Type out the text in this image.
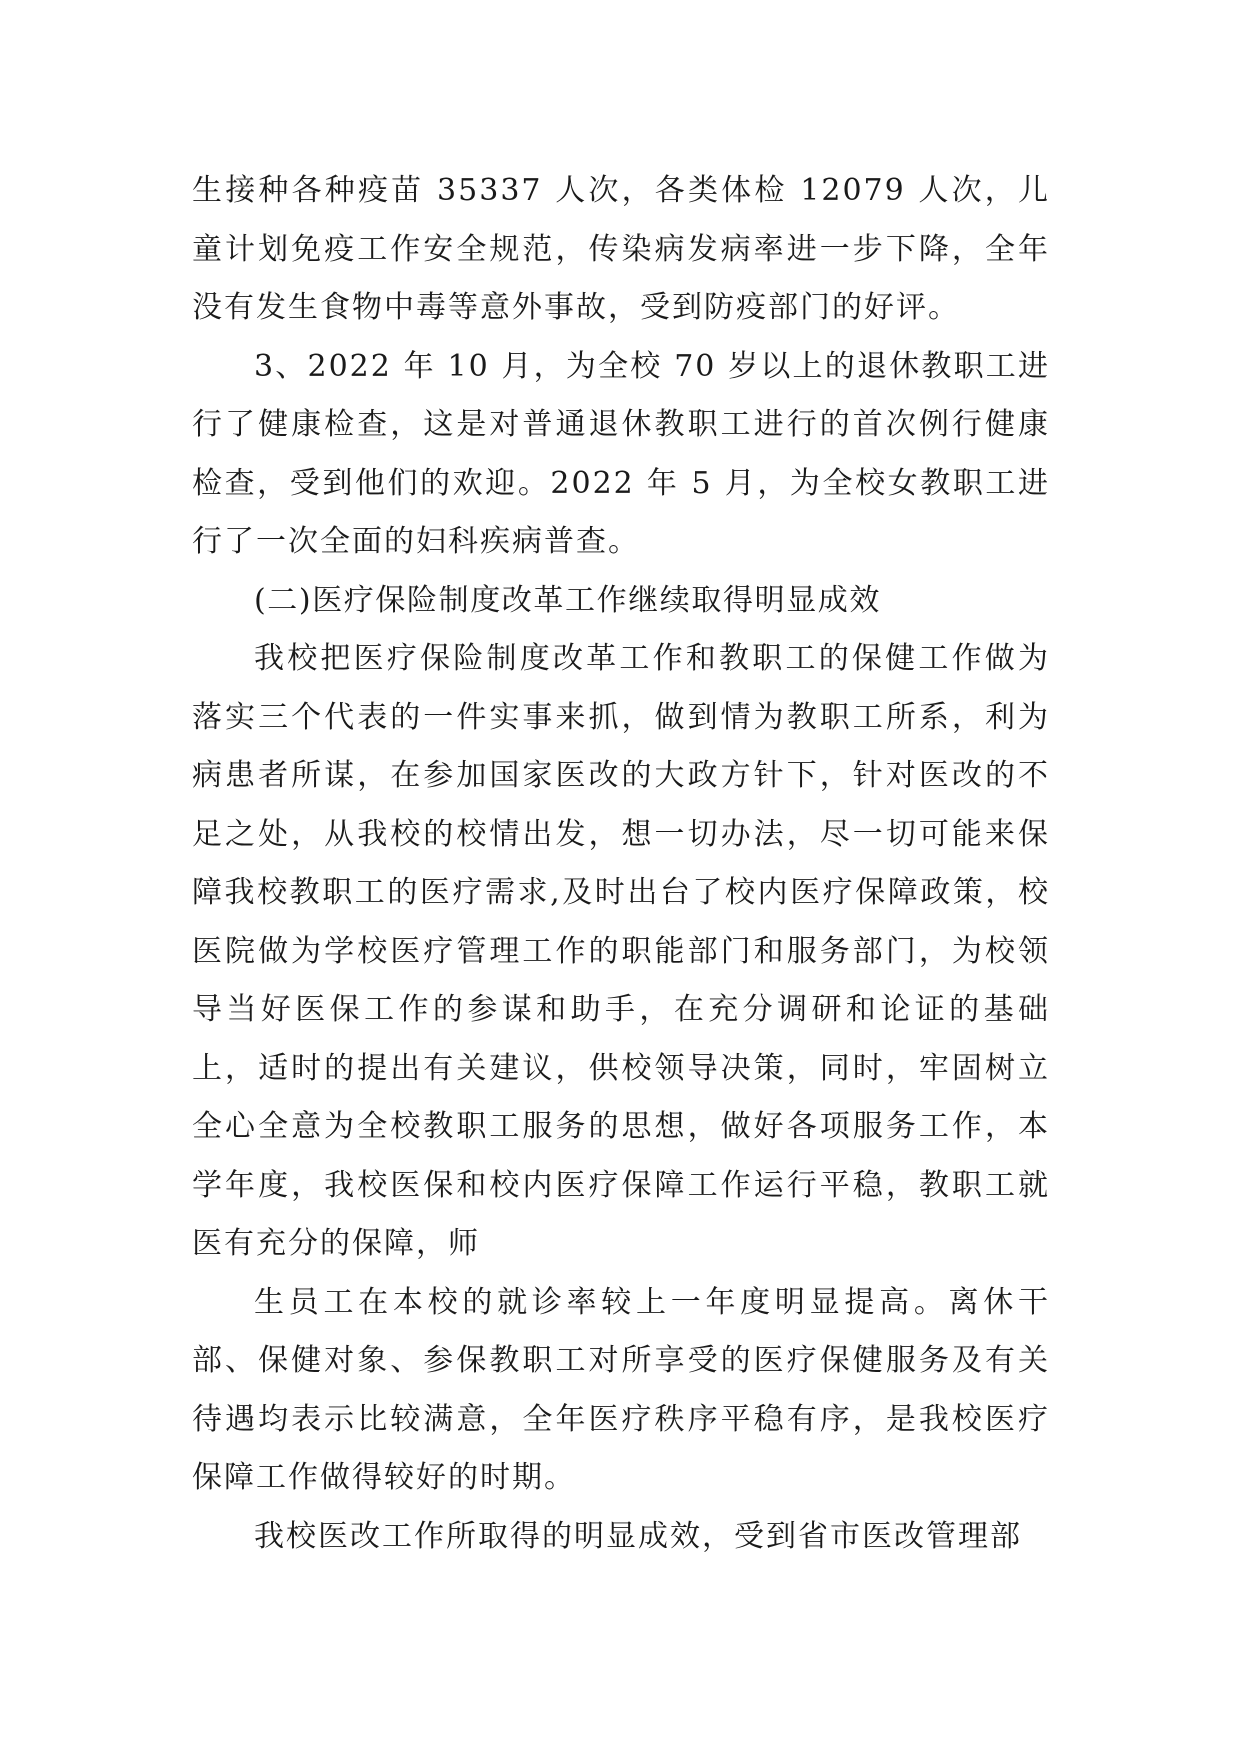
生接种各种疫苗 35337 人次，各类体检 12079 人次，儿童计划免疫工作安全规范，传染病发病率进一步下降，全年没有发生食物中毒等意外事故，受到防疫部门的好评。

3、2022 年 10 月，为全校 70 岁以上的退休教职工进行了健康检查，这是对普通退休教职工进行的首次例行健康检查，受到他们的欢迎。2022 年 5 月，为全校女教职工进行了一次全面的妇科疾病普查。

(二)医疗保险制度改革工作继续取得明显成效

我校把医疗保险制度改革工作和教职工的保健工作做为落实三个代表的一件实事来抓，做到情为教职工所系，利为病患者所谋，在参加国家医改的大政方针下，针对医改的不足之处，从我校的校情出发，想一切办法，尽一切可能来保障我校教职工的医疗需求,及时出台了校内医疗保障政策，校医院做为学校医疗管理工作的职能部门和服务部门，为校领导当好医保工作的参谋和助手，在充分调研和论证的基础上，适时的提出有关建议，供校领导决策，同时，牢固树立全心全意为全校教职工服务的思想，做好各项服务工作，本学年度，我校医保和校内医疗保障工作运行平稳，教职工就医有充分的保障，师

生员工在本校的就诊率较上一年度明显提高。离休干部、保健对象、参保教职工对所享受的医疗保健服务及有关待遇均表示比较满意，全年医疗秩序平稳有序，是我校医疗保障工作做得较好的时期。

我校医改工作所取得的明显成效，受到省市医改管理部
